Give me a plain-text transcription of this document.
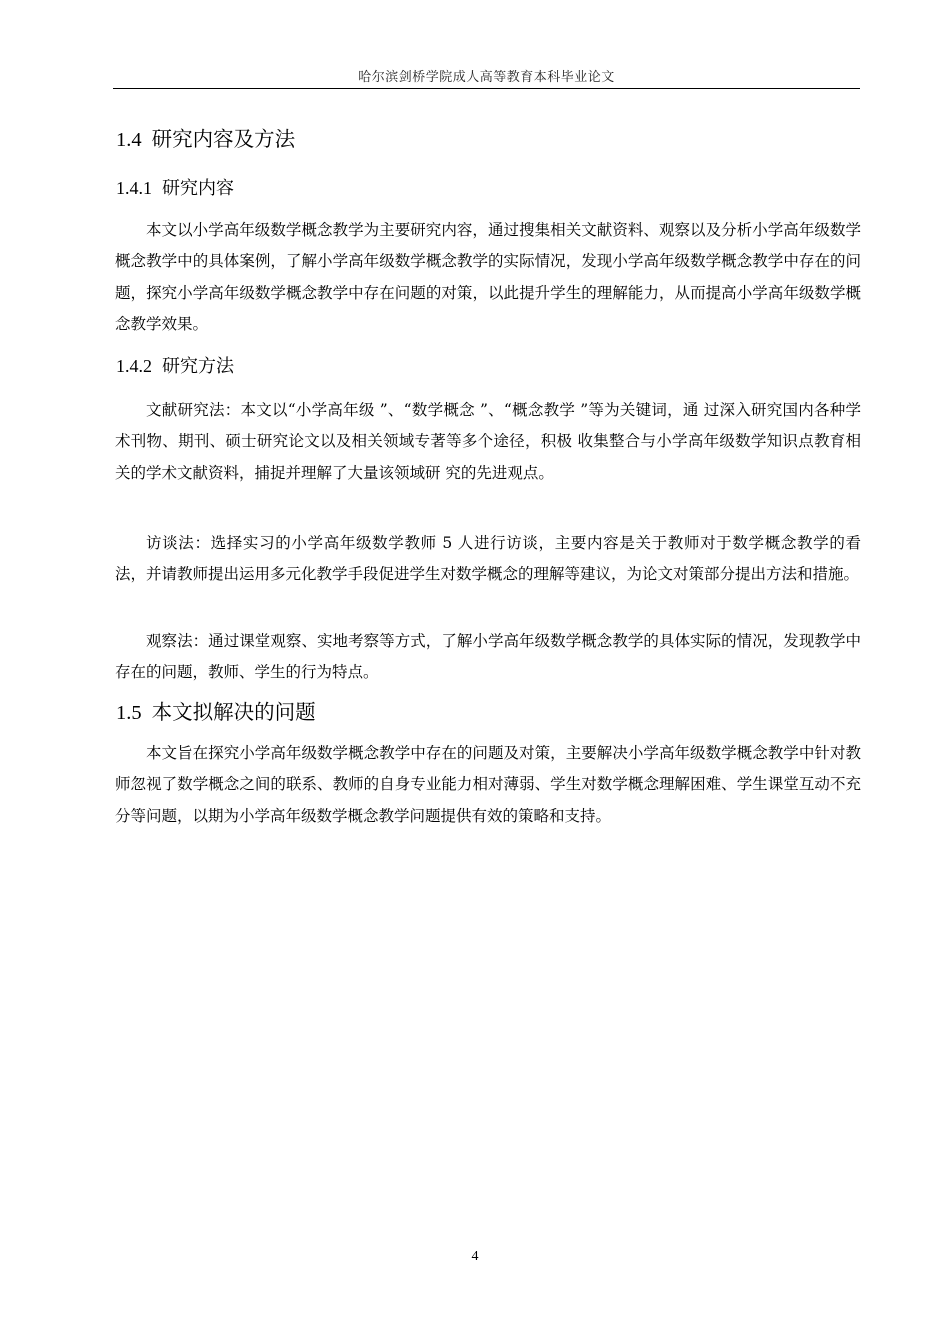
哈尔滨剑桥学院成人高等教育本科毕业论文
1.4 研究内容及方法
1.4.1 研究内容

本文以小学高年级数学概念教学为主要研究内容，通过搜集相关文献资料、观察以及分析小学高年级数学概念教学中的具体案例，了解小学高年级数学概念教学的实际情况，发现小学高年级数学概念教学中存在的问题，探究小学高年级数学概念教学中存在问题的对策，以此提升学生的理解能力，从而提高小学高年级数学概念教学效果。

1.4.2 研究方法

文献研究法：本文以“小学高年级 ”、“数学概念 ”、“概念教学 ”等为关键词，通 过深入研究国内各种学术刊物、期刊、硕士研究论文以及相关领域专著等多个途径，积极 收集整合与小学高年级数学知识点教育相关的学术文献资料，捕捉并理解了大量该领域研 究的先进观点。

访谈法：选择实习的小学高年级数学教师 5 人进行访谈，主要内容是关于教师对于数学概念教学的看法，并请教师提出运用多元化教学手段促进学生对数学概念的理解等建议，为论文对策部分提出方法和措施。

观察法：通过课堂观察、实地考察等方式，了解小学高年级数学概念教学的具体实际的情况，发现教学中存在的问题，教师、学生的行为特点。

1.5 本文拟解决的问题

本文旨在探究小学高年级数学概念教学中存在的问题及对策，主要解决小学高年级数学概念教学中针对教师忽视了数学概念之间的联系、教师的自身专业能力相对薄弱、学生对数学概念理解困难、学生课堂互动不充分等问题，以期为小学高年级数学概念教学问题提供有效的策略和支持。

4
